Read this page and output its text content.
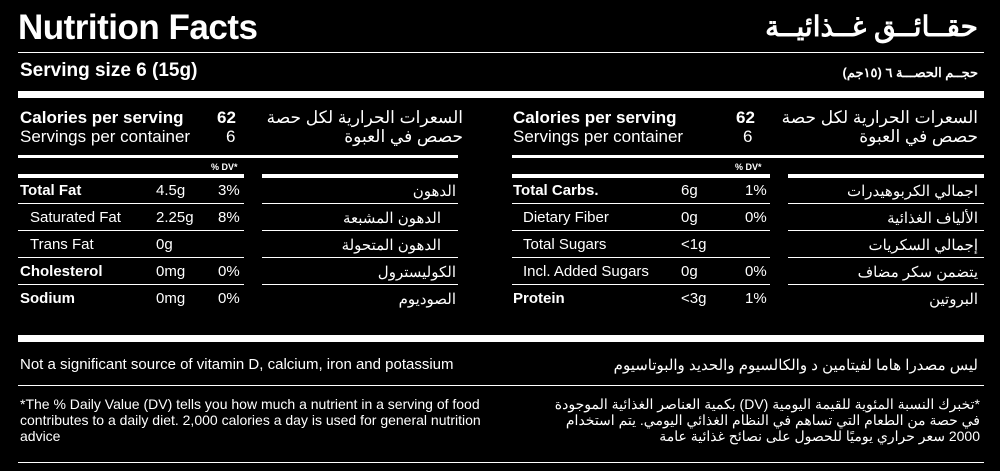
Nutrition Facts	حقــائــق غــذائيــة
Serving size 6 (15g)	حجــم الحصـــة ٦ (١٥جم)
Calories per serving 62 السعرات الحرارية لكل حصة
Servings per container 6	حصص في العبوة
% DV*
Total Fat	4.5g 3%	الدهون
Saturated Fat 2.25g 8%	الدهون المشبعة
Trans Fat	0g	الدهون المتحولة
Cholesterol	0mg 0%	الكوليسترول
Sodium	0mg 0%	الصوديوم
Calories per serving	62 السعرات الحرارية لكل حصة
Servings per container	6	حصص في العبوة
% DV*
Total Carbs.	6g	1%	اجمالي الكربوهيدرات
Dietary Fiber	0g	0%	الألياف الغذائية
Total Sugars	<1g	إجمالي السكريات
Incl. Added Sugars 0g	0%	يتضمن سكر مضاف
Protein	<3g	1%	البروتين
Not a significant source of vitamin D, calcium, iron and potassium	ليس مصدرا هاما لفيتامين د والكالسيوم والحديد والبوتاسيوم
*The % Daily Value (DV) tells you how much a nutrient in a serving of food contributes to a daily diet. 2,000 calories a day is used for general nutrition advice
*تخبرك النسبة المئوية للقيمة اليومية (DV) بكمية العناصر الغذائية الموجودة في حصة من الطعام التي تساهم في النظام الغذائي اليومي. يتم استخدام 2000 سعر حراري يوميًا للحصول على نصائح غذائية عامة
